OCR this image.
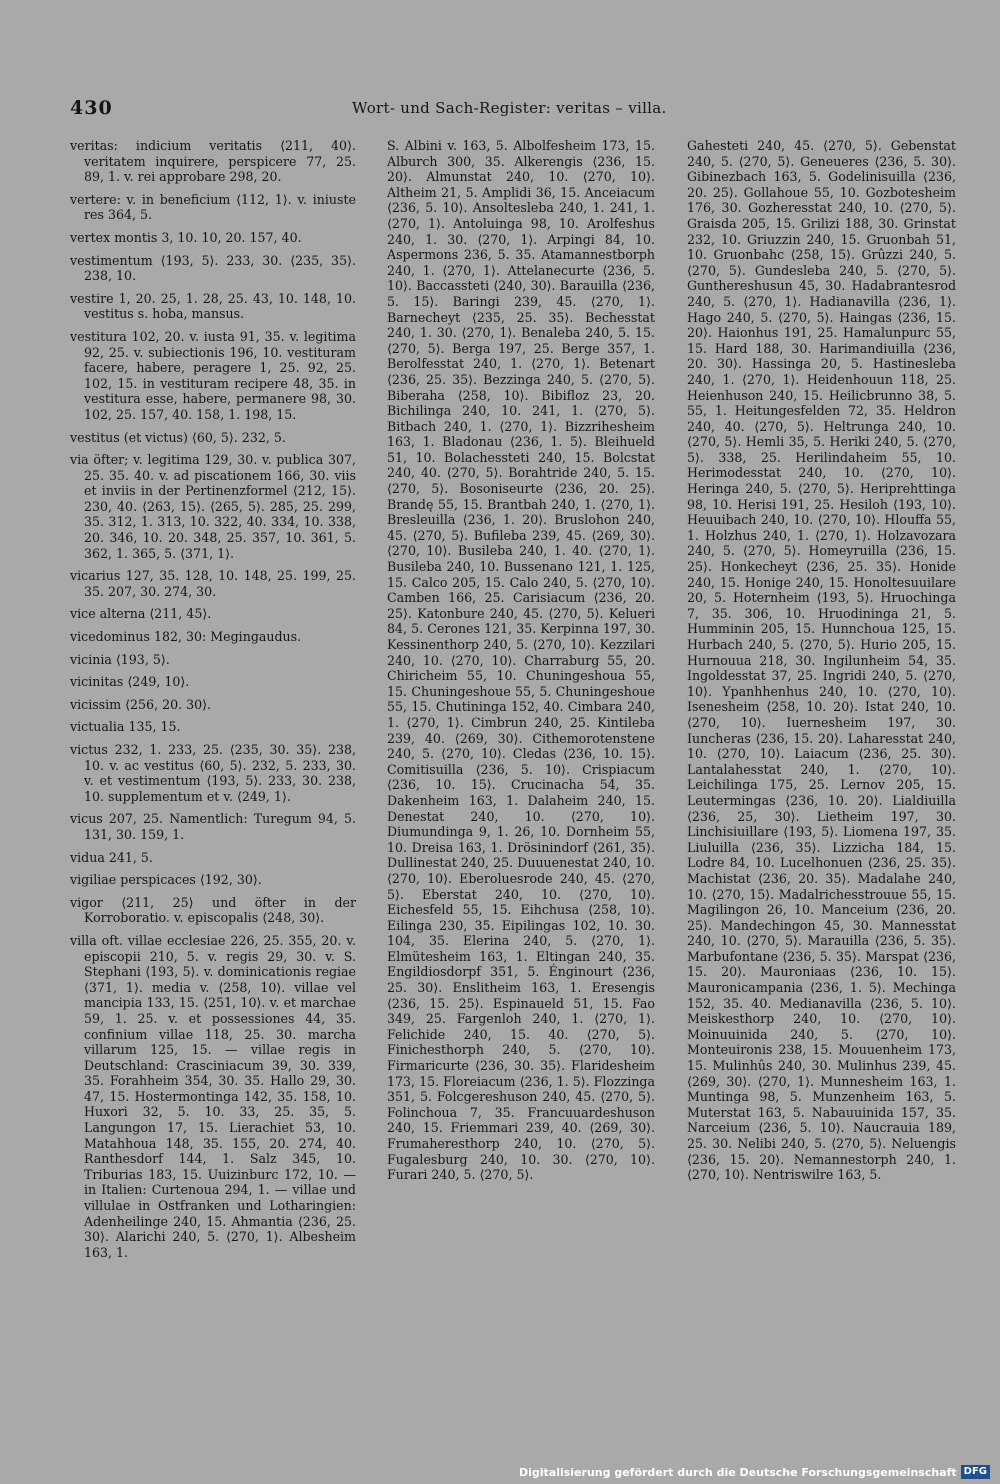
430	Wort- und Sach-Register: veritas – villa.

veritas: indicium veritatis ⟨211, 40⟩. veritatem inquirere, perspicere 77, 25. 89, 1. v. rei approbare 298, 20.

vertere: v. in beneficium ⟨112, 1⟩. v. iniuste res 364, 5.

vertex montis 3, 10. 10, 20. 157, 40.

vestimentum ⟨193, 5⟩. 233, 30. ⟨235, 35⟩. 238, 10.

vestire 1, 20. 25, 1. 28, 25. 43, 10. 148, 10. vestitus s. hoba, mansus.

vestitura 102, 20. v. iusta 91, 35. v. legitima 92, 25. v. subiectionis 196, 10. vestituram facere, habere, peragere 1, 25. 92, 25. 102, 15. in vestituram recipere 48, 35. in vestitura esse, habere, permanere 98, 30. 102, 25. 157, 40. 158, 1. 198, 15.

vestitus (et victus) ⟨60, 5⟩. 232, 5.

via öfter; v. legitima 129, 30. v. publica 307, 25. 35. 40. v. ad piscationem 166, 30. viis et inviis in der Pertinenzformel ⟨212, 15⟩. 230, 40. ⟨263, 15⟩. ⟨265, 5⟩. 285, 25. 299, 35. 312, 1. 313, 10. 322, 40. 334, 10. 338, 20. 346, 10. 20. 348, 25. 357, 10. 361, 5. 362, 1. 365, 5. ⟨371, 1⟩.

vicarius 127, 35. 128, 10. 148, 25. 199, 25. 35. 207, 30. 274, 30.

vice alterna ⟨211, 45⟩.

vicedominus 182, 30: Megingaudus.

vicinia ⟨193, 5⟩.

vicinitas ⟨249, 10⟩.

vicissim ⟨256, 20. 30⟩.

victualia 135, 15.

victus 232, 1. 233, 25. ⟨235, 30. 35⟩. 238, 10. v. ac vestitus ⟨60, 5⟩. 232, 5. 233, 30. v. et vestimentum ⟨193, 5⟩. 233, 30. 238, 10. supplementum et v. ⟨249, 1⟩.

vicus 207, 25. Namentlich: Turegum 94, 5. 131, 30. 159, 1.

vidua 241, 5.

vigiliae perspicaces ⟨192, 30⟩.

vigor ⟨211, 25⟩ und öfter in der Korroboratio. v. episcopalis ⟨248, 30⟩.

villa oft. villae ecclesiae 226, 25. 355, 20. v. episcopii 210, 5. v. regis 29, 30. v. S. Stephani ⟨193, 5⟩. v. dominicationis regiae ⟨371, 1⟩. media v. ⟨258, 10⟩. villae vel mancipia 133, 15. ⟨251, 10⟩. v. et marchae 59, 1. 25. v. et possessiones 44, 35. confinium villae 118, 25. 30. marcha villarum 125, 15. — villae regis in Deutschland: Crasciniacum 39, 30. 339, 35. Forahheim 354, 30. 35. Hallo 29, 30. 47, 15. Hostermontinga 142, 35. 158, 10. Huxori 32, 5. 10. 33, 25. 35, 5. Langungon 17, 15. Lierachiet 53, 10. Matahhoua 148, 35. 155, 20. 274, 40. Ranthesdorf 144, 1. Salz 345, 10. Triburias 183, 15. Uuizinburc 172, 10. — in Italien: Curtenoua 294, 1. — villae und villulae in Ostfranken und Lotharingien: Adenheilinge 240, 15. Ahmantia ⟨236, 25. 30⟩. Alarichi 240, 5. ⟨270, 1⟩. Albesheim 163, 1.

S. Albini v. 163, 5. Albolfesheim 173, 15. Alburch 300, 35. Alkerengis ⟨236, 15. 20⟩. Almunstat 240, 10. ⟨270, 10⟩. Altheim 21, 5. Amplidi 36, 15. Anceiacum ⟨236, 5. 10⟩. Ansolteslеba 240, 1. 241, 1. ⟨270, 1⟩. Antoluinga 98, 10. Arolfeshus 240, 1. 30. ⟨270, 1⟩. Arpingi 84, 10. Aspermons 236, 5. 35. Atamannestborph 240, 1. ⟨270, 1⟩. Attelanecurte ⟨236, 5. 10⟩. Baccassteti ⟨240, 30⟩. Barauilla ⟨236, 5. 15⟩. Baringi 239, 45. ⟨270, 1⟩. Barnecheyt ⟨235, 25. 35⟩. Bechesstat 240, 1. 30. ⟨270, 1⟩. Benaleba 240, 5. 15. ⟨270, 5⟩. Berga 197, 25. Berge 357, 1. Berolfesstat 240, 1. ⟨270, 1⟩. Betenart ⟨236, 25. 35⟩. Bezzinga 240, 5. ⟨270, 5⟩. Biberaha ⟨258, 10⟩. Bibifloz 23, 20. Bichilinga 240, 10. 241, 1. ⟨270, 5⟩. Bitbach 240, 1. ⟨270, 1⟩. Bizzrihesheim 163, 1. Bladonau ⟨236, 1. 5⟩. Bleihueld 51, 10. Bolachessteti 240, 15. Bolcstat 240, 40. ⟨270, 5⟩. Borahtride 240, 5. 15. ⟨270, 5⟩. Bosoniseurte ⟨236, 20. 25⟩. Brandę 55, 15. Brantbah 240, 1. ⟨270, 1⟩. Bresleuilla ⟨236, 1. 20⟩. Bruslohon 240, 45. ⟨270, 5⟩. Bufileba 239, 45. ⟨269, 30⟩. ⟨270, 10⟩. Busileba 240, 1. 40. ⟨270, 1⟩. Busileba 240, 10. Bussenano 121, 1. 125, 15. Calco 205, 15. Calo 240, 5. ⟨270, 10⟩. Camben 166, 25. Carisiacum ⟨236, 20. 25⟩. Katonbure 240, 45. ⟨270, 5⟩. Kelueri 84, 5. Cerones 121, 35. Kerpinna 197, 30. Kessinenthorp 240, 5. ⟨270, 10⟩. Kezzilari 240, 10. ⟨270, 10⟩. Charraburg 55, 20. Chiricheim 55, 10. Chuningeshoua 55, 15. Chuningeshoue 55, 5. Chuningeshoue 55, 15. Chutininga 152, 40. Cimbara 240, 1. ⟨270, 1⟩. Cimbrun 240, 25. Kintileba 239, 40. ⟨269, 30⟩. Cithemorotenstene 240, 5. ⟨270, 10⟩. Cledas ⟨236, 10. 15⟩. Comitisuilla ⟨236, 5. 10⟩. Crispiacum ⟨236, 10. 15⟩. Crucinacha 54, 35. Dakenheim 163, 1. Dalaheim 240, 15. Denestat 240, 10. ⟨270, 10⟩. Diumundinga 9, 1. 26, 10. Dornheim 55, 10. Dreisa 163, 1. Drösinindorf ⟨261, 35⟩. Dullinestat 240, 25. Duuuenestat 240, 10. ⟨270, 10⟩. Eberoluesrode 240, 45. ⟨270, 5⟩. Eberstat 240, 10. ⟨270, 10⟩. Eichesfeld 55, 15. Eihchusa ⟨258, 10⟩. Eilinga 230, 35. Eipilingas 102, 10. 30. 104, 35. Elerina 240, 5. ⟨270, 1⟩. Elmütesheim 163, 1. Eltingan 240, 35. Engildiosdorpf 351, 5. Énginourt ⟨236, 25. 30⟩. Enslitheim 163, 1. Eresengis ⟨236, 15. 25⟩. Espinaueld 51, 15. Fao 349, 25. Fargenloh 240, 1. ⟨270, 1⟩. Felichide 240, 15. 40. ⟨270, 5⟩. Finichesthorph 240, 5. ⟨270, 10⟩. Firmaricurte ⟨236, 30. 35⟩. Flaridesheim 173, 15. Floreiacum ⟨236, 1. 5⟩. Flozzinga 351, 5. Folcgereshuson 240, 45. ⟨270, 5⟩. Folinchoua 7, 35. Francuuardeshuson 240, 15. Friemmari 239, 40. ⟨269, 30⟩. Frumaheresthorp 240, 10. ⟨270, 5⟩. Fugalesburg 240, 10. 30. ⟨270, 10⟩. Furari 240, 5. ⟨270, 5⟩.

Gahesteti 240, 45. ⟨270, 5⟩. Gebenstat 240, 5. ⟨270, 5⟩. Geneueres ⟨236, 5. 30⟩. Gibinezbach 163, 5. Godelinisuilla ⟨236, 20. 25⟩. Gollahoue 55, 10. Gozbotesheim 176, 30. Gozheresstat 240, 10. ⟨270, 5⟩. Graisda 205, 15. Grilizi 188, 30. Grinstat 232, 10. Griuzzin 240, 15. Gruonbah 51, 10. Gruonbahc ⟨258, 15⟩. Grûzzi 240, 5. ⟨270, 5⟩. Gundesleba 240, 5. ⟨270, 5⟩. Gunthereshusun 45, 30. Hadabrantesrod 240, 5. ⟨270, 1⟩. Hadianavilla ⟨236, 1⟩. Hago 240, 5. ⟨270, 5⟩. Haingas ⟨236, 15. 20⟩. Haionhus 191, 25. Hamalunpurc 55, 15. Hard 188, 30. Harimandiuilla ⟨236, 20. 30⟩. Hassinga 20, 5. Hastinesleba 240, 1. ⟨270, 1⟩. Heidenhouun 118, 25. Heienhuson 240, 15. Heilicbrunno 38, 5. 55, 1. Heitungesfelden 72, 35. Heldron 240, 40. ⟨270, 5⟩. Heltrunga 240, 10. ⟨270, 5⟩. Hemli 35, 5. Heriki 240, 5. ⟨270, 5⟩. 338, 25. Herilindaheim 55, 10. Herimodesstat 240, 10. ⟨270, 10⟩. Heringa 240, 5. ⟨270, 5⟩. Heriprehttinga 98, 10. Herisi 191, 25. Hesiloh ⟨193, 10⟩. Heuuibach 240, 10. ⟨270, 10⟩. Hlouffa 55, 1. Holzhus 240, 1. ⟨270, 1⟩. Holzavozara 240, 5. ⟨270, 5⟩. Homeyruilla ⟨236, 15. 25⟩. Honkecheyt ⟨236, 25. 35⟩. Honide 240, 15. Honige 240, 15. Honoltesuuilare 20, 5. Hoternheim ⟨193, 5⟩. Hruochinga 7, 35. 306, 10. Hruodininga 21, 5. Humminin 205, 15. Hunnchoua 125, 15. Hurbach 240, 5. ⟨270, 5⟩. Hurio 205, 15. Hurnouua 218, 30. Ingilunheim 54, 35. Ingoldesstat 37, 25. Ingridi 240, 5. ⟨270, 10⟩. Ypanhhenhus 240, 10. ⟨270, 10⟩. Isenesheim ⟨258, 10. 20⟩. Istat 240, 10. ⟨270, 10⟩. Iuernesheim 197, 30. Iuncheras ⟨236, 15. 20⟩. Laharesstat 240, 10. ⟨270, 10⟩. Laiacum ⟨236, 25. 30⟩. Lantalahesstat 240, 1. ⟨270, 10⟩. Leichilinga 175, 25. Lernov 205, 15. Leutermingas ⟨236, 10. 20⟩. Lialdiuilla ⟨236, 25, 30⟩. Lietheim 197, 30. Linchisiuillare ⟨193, 5⟩. Liomena 197, 35. Liuluilla ⟨236, 35⟩. Lizzicha 184, 15. Lodre 84, 10. Lucelhonuen ⟨236, 25. 35⟩. Machistat ⟨236, 20. 35⟩. Madalahe 240, 10. ⟨270, 15⟩. Madalrichesstrouue 55, 15. Magilingon 26, 10. Manceium ⟨236, 20. 25⟩. Mandechingon 45, 30. Mannesstat 240, 10. ⟨270, 5⟩. Marauilla ⟨236, 5. 35⟩. Marbufontane ⟨236, 5. 35⟩. Marspat ⟨236, 15. 20⟩. Mauroniaas ⟨236, 10. 15⟩. Mauronicampania ⟨236, 1. 5⟩. Mechinga 152, 35. 40. Medianavilla ⟨236, 5. 10⟩. Meiskesthorp 240, 10. ⟨270, 10⟩. Moinuuinida 240, 5. ⟨270, 10⟩. Monteuironis 238, 15. Mouuenheim 173, 15. Mulinhûs 240, 30. Mulinhus 239, 45. ⟨269, 30⟩. ⟨270, 1⟩. Munnesheim 163, 1. Muntinga 98, 5. Munzenheim 163, 5. Muterstat 163, 5. Nabauuinida 157, 35. Narceium ⟨236, 5. 10⟩. Naucrauia 189, 25. 30. Nelibi 240, 5. ⟨270, 5⟩. Neluengis ⟨236, 15. 20⟩. Nemannestorph 240, 1. ⟨270, 10⟩. Nentriswilre 163, 5.

Digitalisierung gefördert durch die Deutsche Forschungsgemeinschaft DFG
